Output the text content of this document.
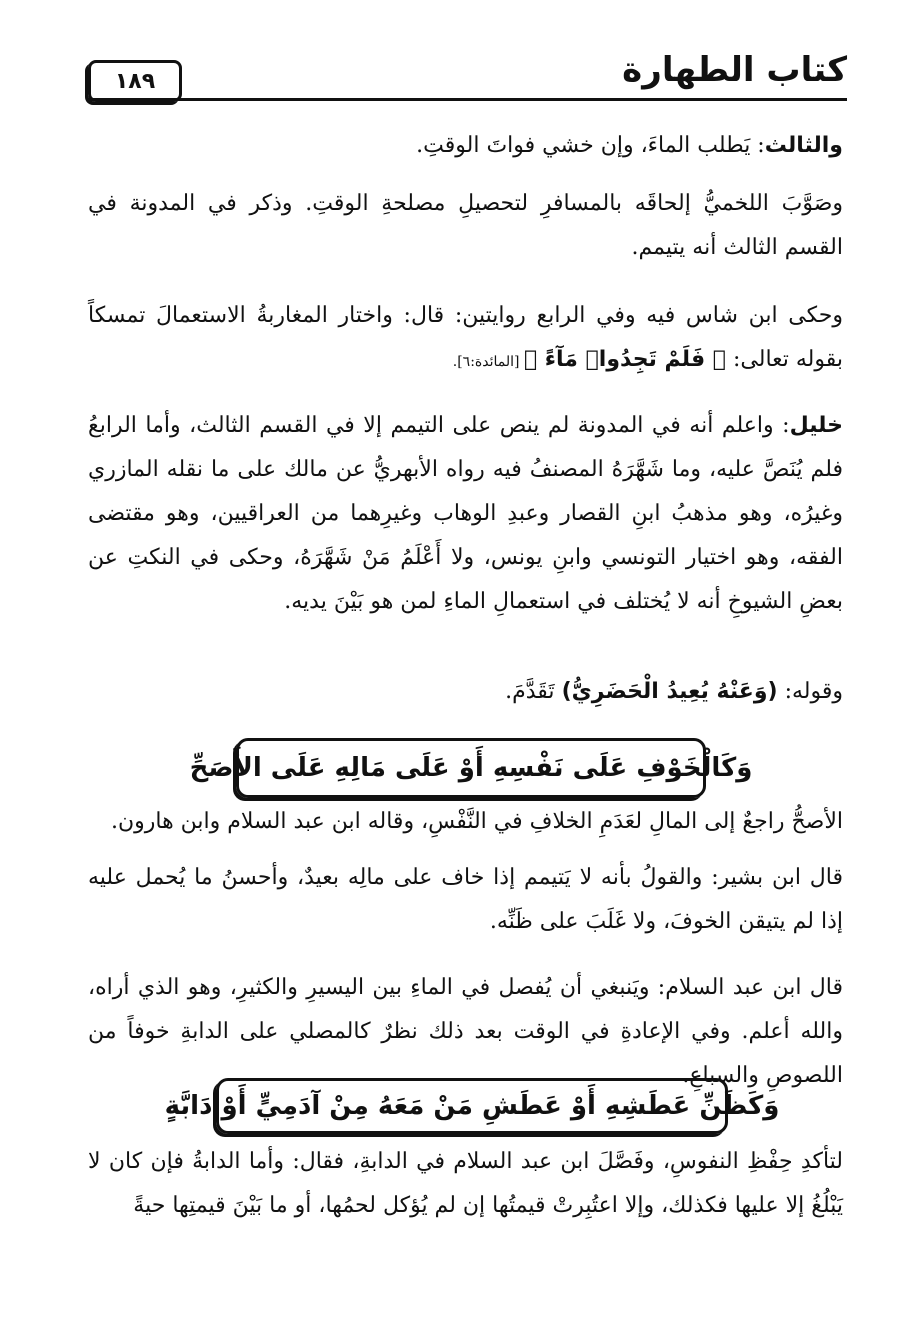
كتاب الطهارة
١٨٩

والثالث: يَطلب الماءَ، وإن خشي فواتَ الوقتِ.

وصَوَّبَ اللخميُّ إلحاقَه بالمسافرِ لتحصيلِ مصلحةِ الوقتِ. وذكر في المدونة في القسم الثالث أنه يتيمم.

وحكى ابن شاس فيه وفي الرابع روايتين: قال: واختار المغاربةُ الاستعمالَ تمسكاً بقوله تعالى: ﴿ فَلَمْ تَجِدُوا۟ مَآءً ﴾ [المائدة:٦].

خليل: واعلم أنه في المدونة لم ينص على التيمم إلا في القسم الثالث، وأما الرابعُ فلم يُنَصَّ عليه، وما شَهَّرَهُ المصنفُ فيه رواه الأبهريُّ عن مالك على ما نقله المازري وغيرُه، وهو مذهبُ ابنِ القصار وعبدِ الوهاب وغيرِهما من العراقيين، وهو مقتضى الفقه، وهو اختيار التونسي وابنِ يونس، ولا أَعْلَمُ مَنْ شَهَّرَهُ، وحكى في النكتِ عن بعضِ الشيوخِ أنه لا يُختلف في استعمالِ الماءِ لمن هو بَيْنَ يديه.

وقوله: (وَعَنْهُ يُعِيدُ الْحَضَرِيُّ) تَقَدَّمَ.

وَكَالْخَوْفِ عَلَى نَفْسِهِ أَوْ عَلَى مَالِهِ عَلَى الأَصَحِّ

الأصحُّ راجعٌ إلى المالِ لعَدَمِ الخلافِ في النَّفْسِ، وقاله ابن عبد السلام وابن هارون.

قال ابن بشير: والقولُ بأنه لا يَتيمم إذا خاف على مالِه بعيدٌ، وأحسنُ ما يُحمل عليه إذا لم يتيقن الخوفَ، ولا غَلَبَ على ظَنِّه.

قال ابن عبد السلام: ويَنبغي أن يُفصل في الماءِ بين اليسيرِ والكثيرِ، وهو الذي أراه، والله أعلم. وفي الإعادةِ في الوقت بعد ذلك نظرٌ كالمصلي على الدابةِ خوفاً من اللصوصِ والسباعِ.

وَكَظَنِّ عَطَشِهِ أَوْ عَطَشِ مَنْ مَعَهُ مِنْ آدَمِيٍّ أَوْ دَابَّةٍ

لتأكدِ حِفْظِ النفوسِ، وفَصَّلَ ابن عبد السلام في الدابةِ، فقال: وأما الدابةُ فإن كان لا يَبْلُغُ إلا عليها فكذلك، وإلا اعتُبِرتْ قيمتُها إن لم يُؤكل لحمُها، أو ما بَيْنَ قيمتِها حيةً
